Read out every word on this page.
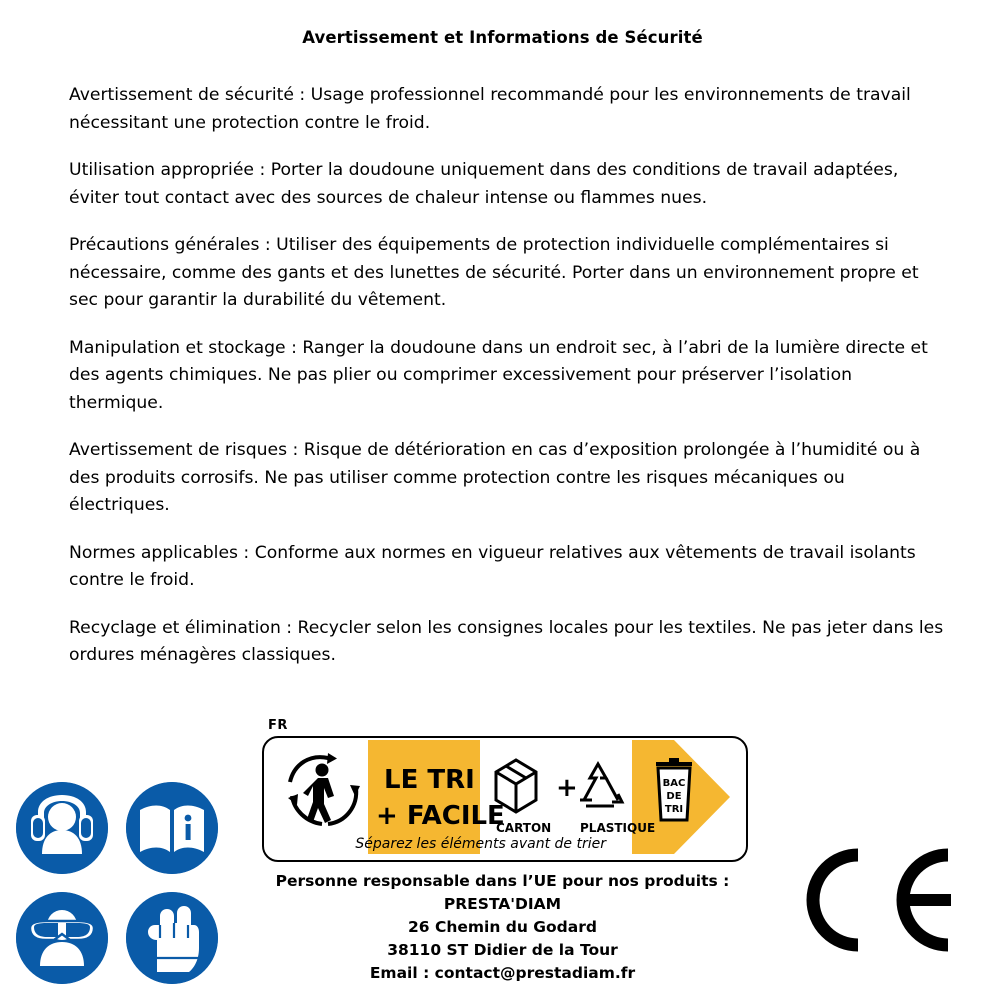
Avertissement et Informations de Sécurité

Avertissement de sécurité : Usage professionnel recommandé pour les environnements de travail nécessitant une protection contre le froid.

Utilisation appropriée : Porter la doudoune uniquement dans des conditions de travail adaptées, éviter tout contact avec des sources de chaleur intense ou flammes nues.

Précautions générales : Utiliser des équipements de protection individuelle complémentaires si nécessaire, comme des gants et des lunettes de sécurité. Porter dans un environnement propre et sec pour garantir la durabilité du vêtement.

Manipulation et stockage : Ranger la doudoune dans un endroit sec, à l’abri de la lumière directe et des agents chimiques. Ne pas plier ou comprimer excessivement pour préserver l’isolation thermique.

Avertissement de risques : Risque de détérioration en cas d’exposition prolongée à l’humidité ou à des produits corrosifs. Ne pas utiliser comme protection contre les risques mécaniques ou électriques.

Normes applicables : Conforme aux normes en vigueur relatives aux vêtements de travail isolants contre le froid.

Recyclage et élimination : Recycler selon les consignes locales pour les textiles. Ne pas jeter dans les ordures ménagères classiques.

FR
LE TRI
+ FACILE
CARTON
+
PLASTIQUE
BAC
DE
TRI
Séparez les éléments avant de trier
Personne responsable dans l’UE pour nos produits :
PRESTA'DIAM
26 Chemin du Godard
38110 ST Didier de la Tour
Email : contact@prestadiam.fr
